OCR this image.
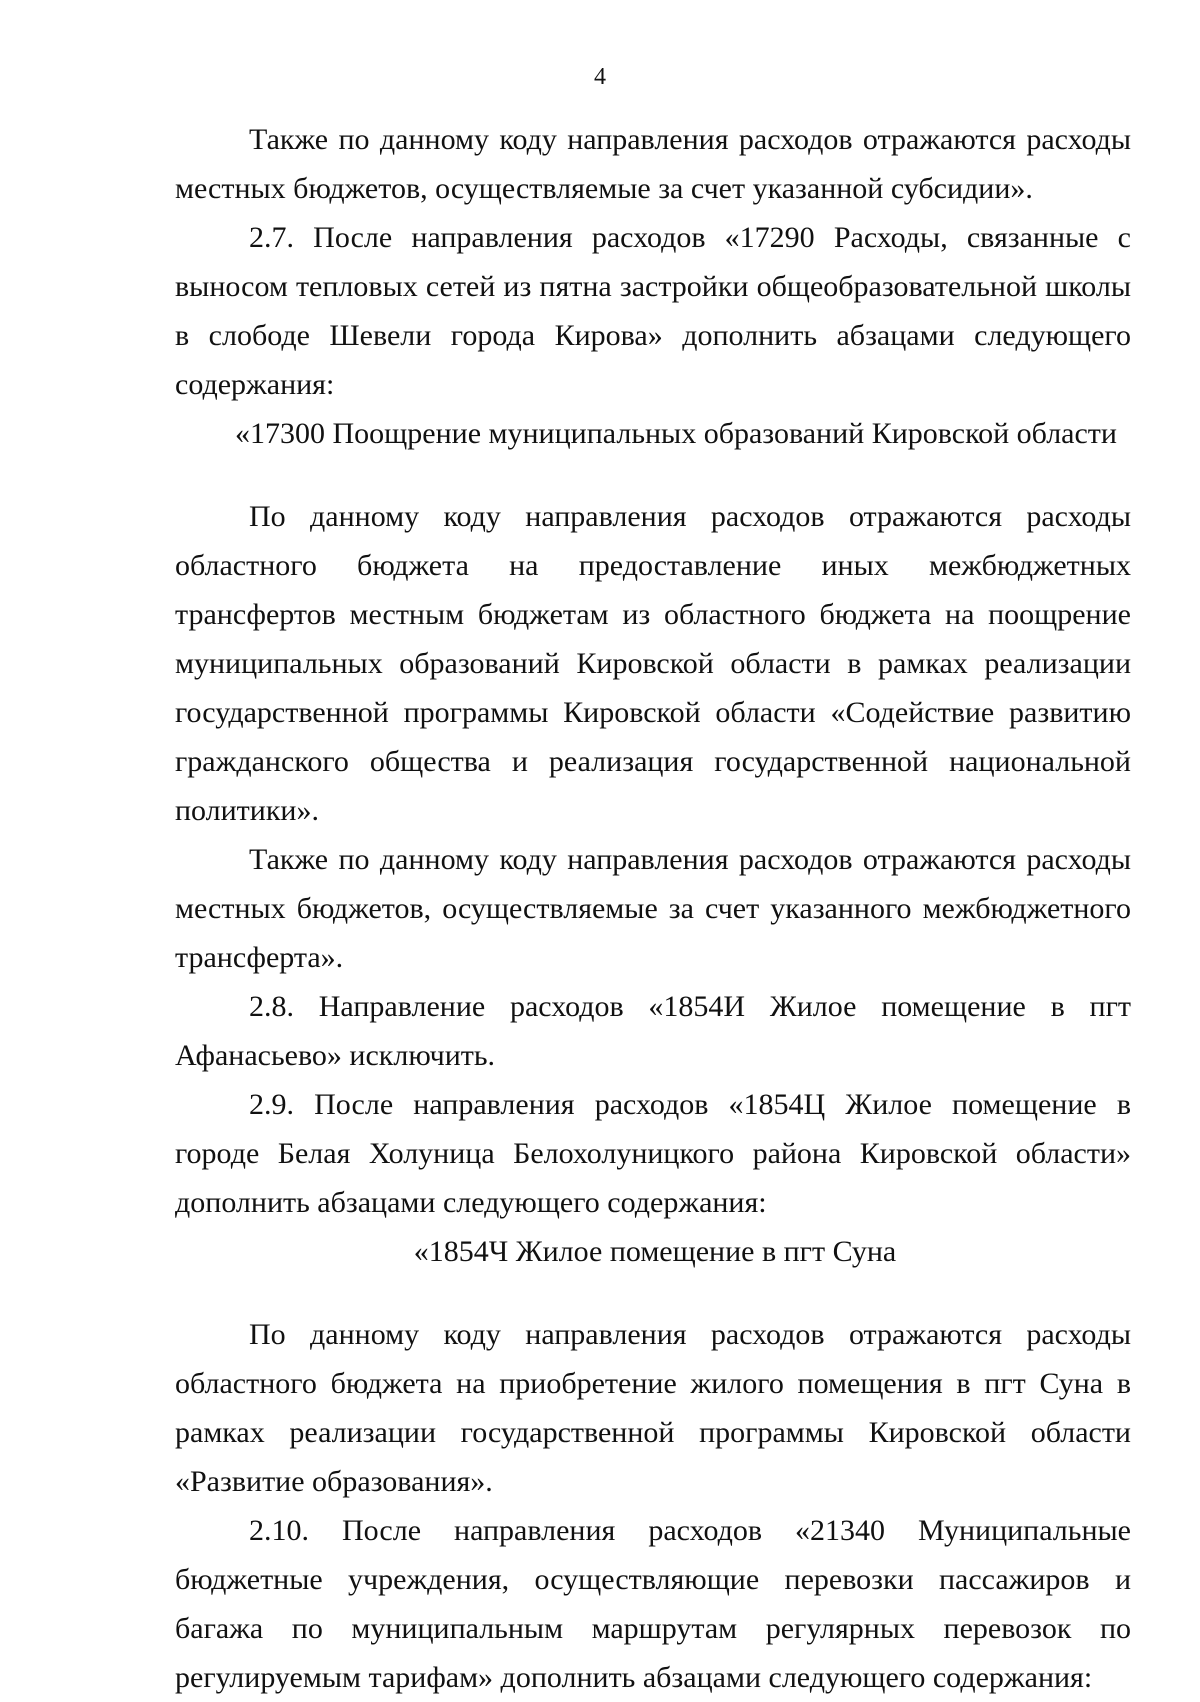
4

Также по данному коду направления расходов отражаются расходы местных бюджетов, осуществляемые за счет указанной субсидии».

2.7. После направления расходов «17290 Расходы, связанные с выносом тепловых сетей из пятна застройки общеобразовательной школы в слободе Шевели города Кирова» дополнить абзацами следующего содержания:

«17300 Поощрение муниципальных образований Кировской области

По данному коду направления расходов отражаются расходы областного бюджета на предоставление иных межбюджетных трансфертов местным бюджетам из областного бюджета на поощрение муниципальных образований Кировской области в рамках реализации государственной программы Кировской области «Содействие развитию гражданского общества и реализация государственной национальной политики».

Также по данному коду направления расходов отражаются расходы местных бюджетов, осуществляемые за счет указанного межбюджетного трансферта».

2.8. Направление расходов «1854И Жилое помещение в пгт Афанасьево» исключить.

2.9. После направления расходов «1854Ц Жилое помещение в городе Белая Холуница Белохолуницкого района Кировской области» дополнить абзацами следующего содержания:

«1854Ч Жилое помещение в пгт Суна

По данному коду направления расходов отражаются расходы областного бюджета на приобретение жилого помещения в пгт Суна в рамках реализации государственной программы Кировской области «Развитие образования».

2.10. После направления расходов «21340 Муниципальные бюджетные учреждения, осуществляющие перевозки пассажиров и багажа по муниципальным маршрутам регулярных перевозок по регулируемым тарифам» дополнить абзацами следующего содержания:
